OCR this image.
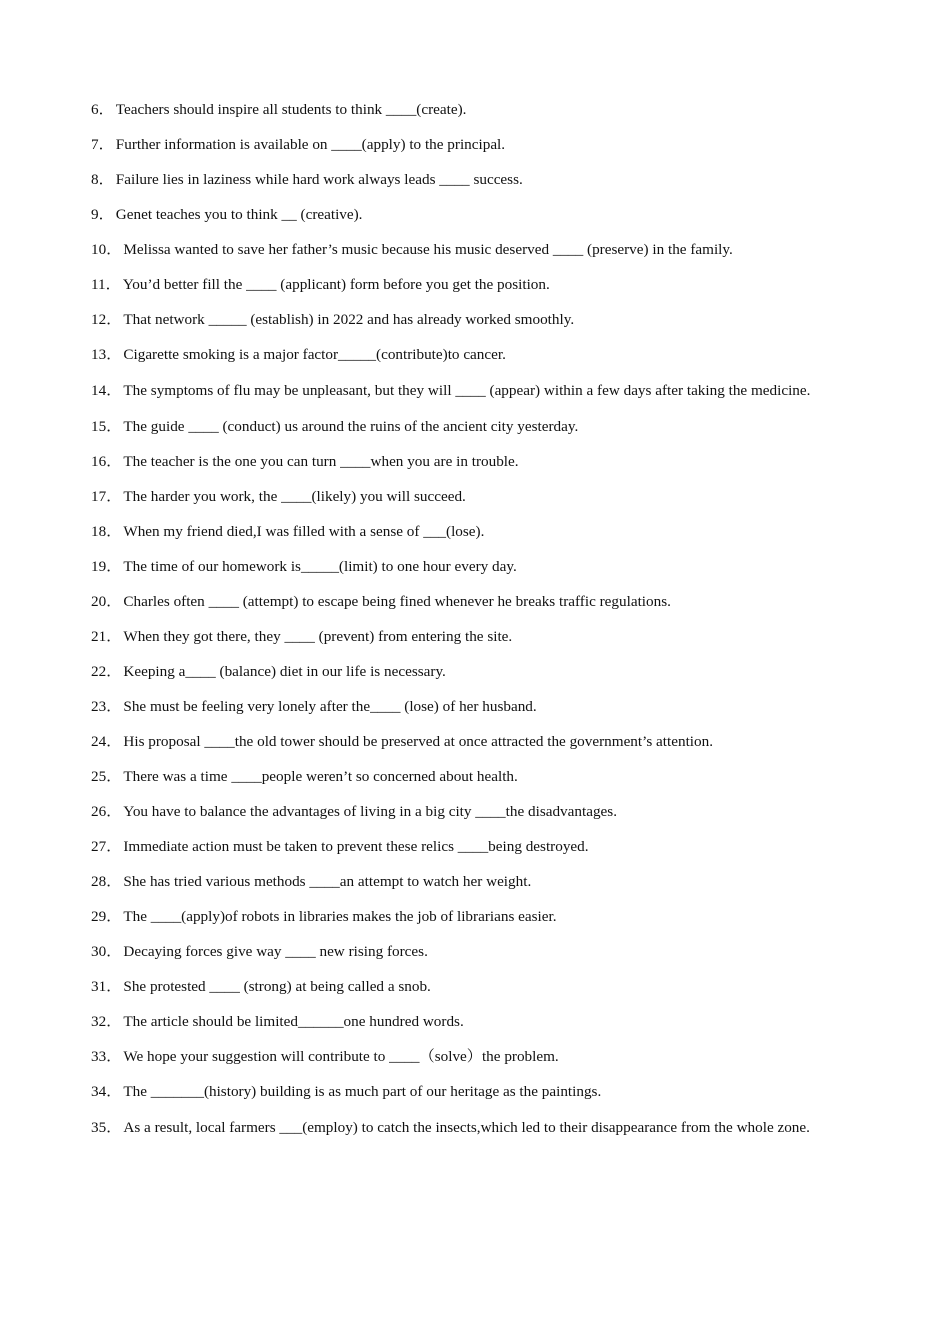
6． Teachers should inspire all students to think ____(create).
7． Further information is available on ____(apply) to the principal.
8． Failure lies in laziness while hard work always leads ____ success.
9． Genet teaches you to think __ (creative).
10． Melissa wanted to save her father’s music because his music deserved ____ (preserve) in the family.
11． You’d better fill the ____ (applicant) form before you get the position.
12． That network _____ (establish) in 2022 and has already worked smoothly.
13． Cigarette smoking is a major factor_____(contribute)to cancer.
14． The symptoms of flu may be unpleasant, but they will ____ (appear) within a few days after taking the medicine.
15． The guide ____ (conduct) us around the ruins of the ancient city yesterday.
16． The teacher is the one you can turn ____when you are in trouble.
17． The harder you work, the ____(likely) you will succeed.
18． When my friend died,I was filled with a sense of ___(lose).
19． The time of our homework is_____(limit) to one hour every day.
20． Charles often ____ (attempt) to escape being fined whenever he breaks traffic regulations.
21． When they got there, they ____ (prevent) from entering the site.
22． Keeping a____ (balance) diet in our life is necessary.
23． She must be feeling very lonely after the____ (lose) of her husband.
24． His proposal ____the old tower should be preserved at once attracted the government’s attention.
25． There was a time ____people weren’t so concerned about health.
26． You have to balance the advantages of living in a big city ____the disadvantages.
27． Immediate action must be taken to prevent these relics ____being destroyed.
28． She has tried various methods ____an attempt to watch her weight.
29． The ____(apply)of robots in libraries makes the job of librarians easier.
30． Decaying forces give way ____ new rising forces.
31． She protested ____ (strong) at being called a snob.
32． The article should be limited______one hundred words.
33． We hope your suggestion will contribute to ____（solve）the problem.
34． The _______(history) building is as much part of our heritage as the paintings.
35． As a result, local farmers ___(employ) to catch the insects,which led to their disappearance from the whole zone.
